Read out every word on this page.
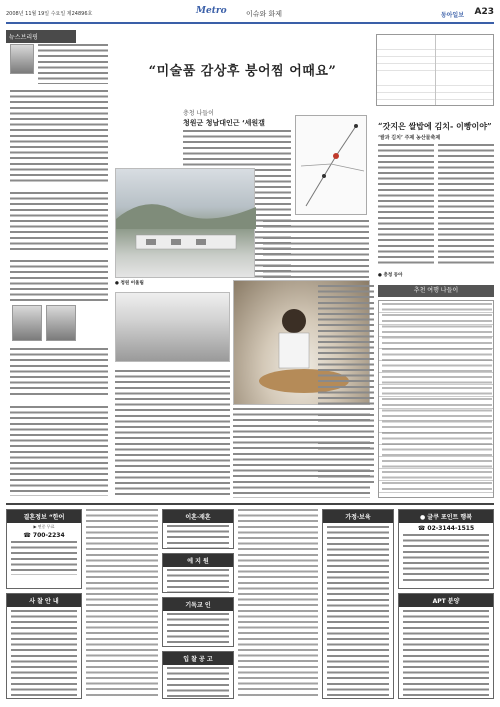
2008년 11월 19일 수요일 제24896호	Metro	이슈와 화제	동아일보 A23
뉴스브리핑
“미술품 감상후 붕어찜 어때요”
충청 나들이
청원군 청남대인근 ‘세원갤
● 청원 어울림
“갓지은 쌀밥에 김치- 이빵이야”
‘쌀과 김치’ 주제 농산물축제
● 충청 동아
추천 여행 나들이
결혼정보 “한어
▶ 연중 무료
☎ 700-2234
사 찰 안 내
이혼‧재혼
에 지 원
기독교 인
입 찰 공 고
가정‧보육	● 글쿠 포인트 행복
☎ 02-3144-1515
APT 분양
